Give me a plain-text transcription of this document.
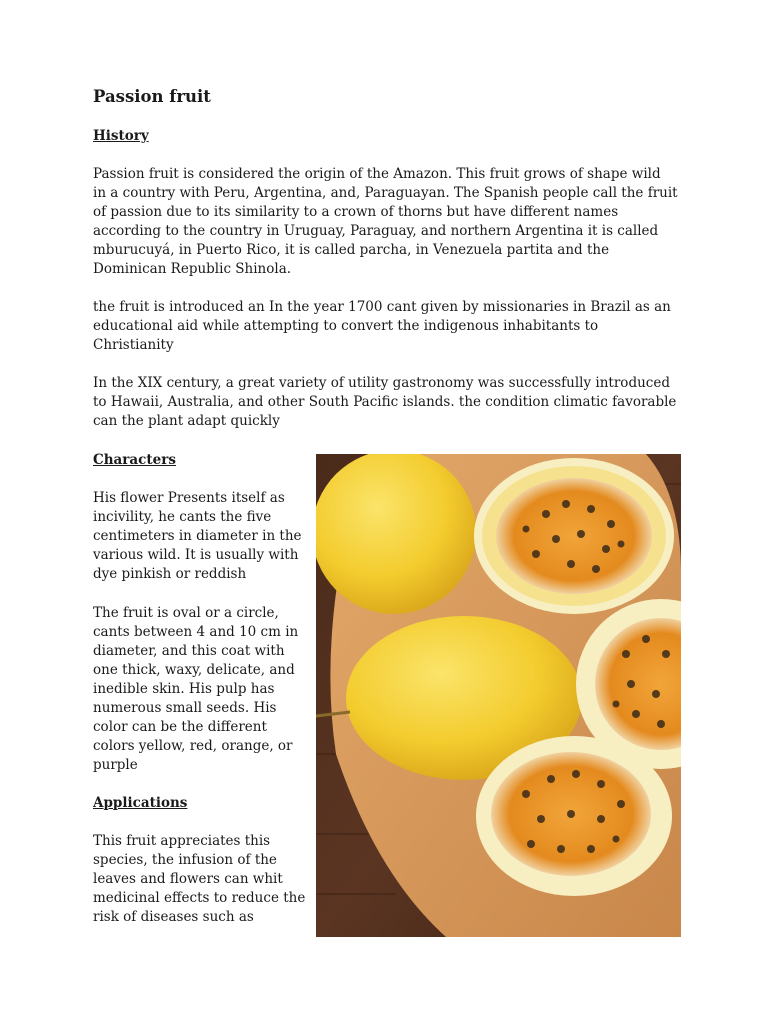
Passion fruit
History

Passion fruit is considered the origin of the Amazon. This fruit grows of shape wild
in a country with Peru, Argentina, and, Paraguayan. The Spanish people call the fruit
of passion due to its similarity to a crown of thorns but have different names
according to the country in Uruguay, Paraguay, and northern Argentina it is called
mburucuyá, in Puerto Rico, it is called parcha, in Venezuela partita and the
Dominican Republic Shinola.

the fruit is introduced an In the year 1700 cant given by missionaries in Brazil as an
educational aid while attempting to convert the indigenous inhabitants to
Christianity

In the XIX century, a great variety of utility gastronomy was successfully introduced
to Hawaii, Australia, and other South Pacific islands. the condition climatic favorable
can the plant adapt quickly

Characters

His flower Presents itself as
incivility, he cants the five
centimeters in diameter in the
various wild. It is usually with
dye pinkish or reddish

The fruit is oval or a circle,
cants between 4 and 10 cm in
diameter, and this coat with
one thick, waxy, delicate, and
inedible skin. His pulp has
numerous small seeds. His
color can be the different
colors yellow, red, orange, or
purple

Applications

This fruit appreciates this
species, the infusion of the
leaves and flowers can whit
medicinal effects to reduce the
risk of diseases such as
